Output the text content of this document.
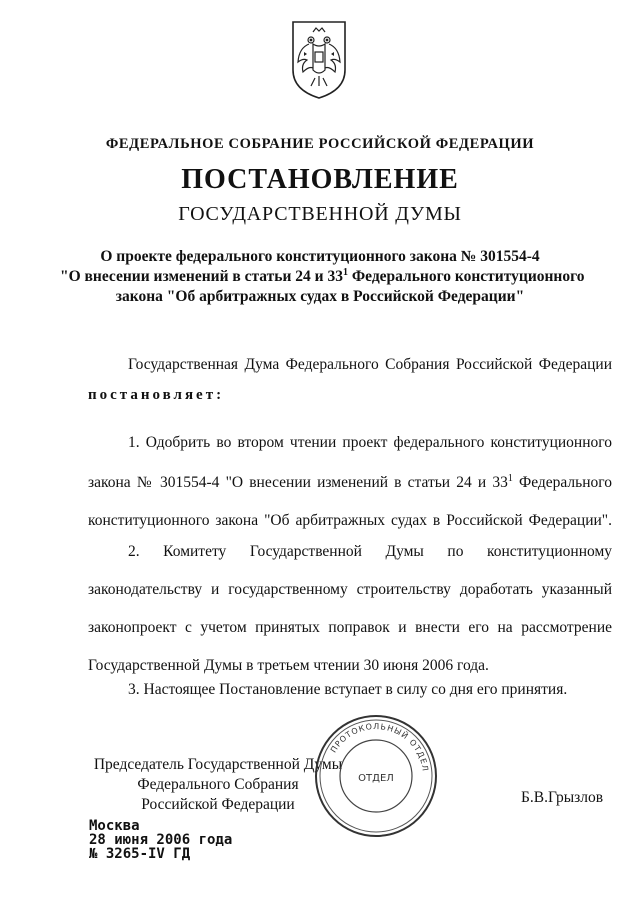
ФЕДЕРАЛЬНОЕ СОБРАНИЕ РОССИЙСКОЙ ФЕДЕРАЦИИ
ПОСТАНОВЛЕНИЕ
ГОСУДАРСТВЕННОЙ ДУМЫ
О проекте федерального конституционного закона № 301554-4
"О внесении изменений в статьи 24 и $33^1$ Федерального конституционного
закона "Об арбитражных судах в Российской Федерации"
Государственная Дума Федерального Собрания Российской Федерации
постановляет:
1. Одобрить во втором чтении проект федерального конституционного
закона № 301554-4 "О внесении изменений в статьи 24 и $33^1$ Федерального
конституционного закона "Об арбитражных судах в Российской Федерации".
2. Комитету Государственной Думы по конституционному
законодательству и государственному строительству доработать указанный
законопроект с учетом принятых поправок и внести его на рассмотрение
Государственной Думы в третьем чтении 30 июня 2006 года.
3. Настоящее Постановление вступает в силу со дня его принятия.
Председатель Государственной Думы
Федерального Собрания
Российской Федерации
ПРОТОКОЛЬНЫЙ ОТДЕЛ
ОТДЕЛ
Б.В.Грызлов
Москва
28 июня 2006 года
№ 3265-IV ГД
